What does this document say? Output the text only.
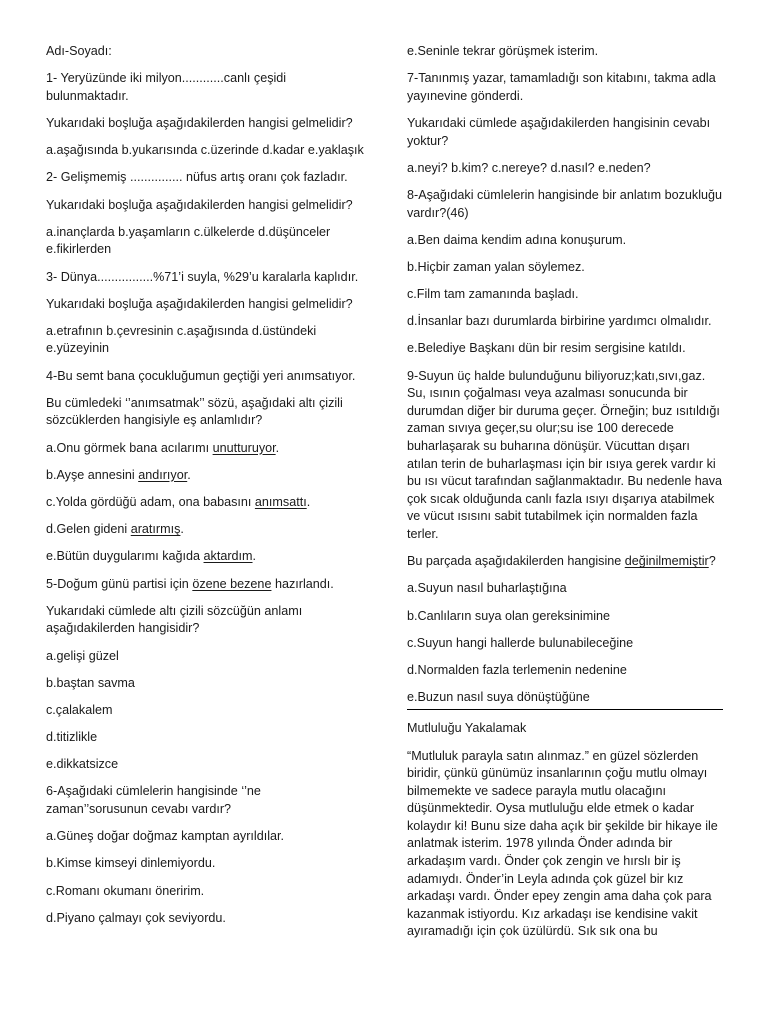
Adı-Soyadı:

1- Yeryüzünde iki milyon............canlı çeşidi bulunmaktadır.

Yukarıdaki boşluğa aşağıdakilerden hangisi gelmelidir?

a.aşağısında b.yukarısında c.üzerinde d.kadar e.yaklaşık

2- Gelişmemiş ............... nüfus artış oranı çok fazladır.

Yukarıdaki boşluğa aşağıdakilerden hangisi gelmelidir?

a.inançlarda b.yaşamların c.ülkelerde d.düşünceler e.fikirlerden

3- Dünya................%71’i suyla, %29’u karalarla kaplıdır.

Yukarıdaki boşluğa aşağıdakilerden hangisi gelmelidir?

a.etrafının b.çevresinin c.aşağısında d.üstündeki e.yüzeyinin

4-Bu semt bana çocukluğumun geçtiği yeri anımsatıyor.

Bu cümledeki ‘’anımsatmak’’ sözü, aşağıdaki altı çizili sözcüklerden hangisiyle eş anlamlıdır?

a.Onu görmek bana acılarımı unutturuyor.

b.Ayşe annesini andırıyor.

c.Yolda gördüğü adam, ona babasını anımsattı.

d.Gelen gideni aratırmış.

e.Bütün duygularımı kağıda aktardım.

5-Doğum günü partisi için özene bezene hazırlandı.

Yukarıdaki cümlede altı çizili sözcüğün anlamı aşağıdakilerden hangisidir?

a.gelişi güzel

b.baştan savma

c.çalakalem

d.titizlikle

e.dikkatsizce

6-Aşağıdaki cümlelerin hangisinde ‘’ne zaman’’sorusunun cevabı vardır?

a.Güneş doğar doğmaz kamptan ayrıldılar.

b.Kimse kimseyi dinlemiyordu.

c.Romanı okumanı öneririm.

d.Piyano çalmayı çok seviyordu.

e.Seninle tekrar görüşmek isterim.

7-Tanınmış yazar, tamamladığı son kitabını, takma adla yayınevine gönderdi.

Yukarıdaki cümlede aşağıdakilerden hangisinin cevabı yoktur?

a.neyi? b.kim? c.nereye? d.nasıl? e.neden?

8-Aşağıdaki cümlelerin hangisinde bir anlatım bozukluğu vardır?(46)

a.Ben daima kendim adına konuşurum.

b.Hiçbir zaman yalan söylemez.

c.Film tam zamanında başladı.

d.İnsanlar bazı durumlarda birbirine yardımcı olmalıdır.

e.Belediye Başkanı dün bir resim sergisine katıldı.

9-Suyun üç halde bulunduğunu biliyoruz;katı,sıvı,gaz. Su, ısının çoğalması veya azalması sonucunda bir durumdan diğer bir duruma geçer. Örneğin; buz ısıtıldığı zaman sıvıya geçer,su olur;su ise 100 derecede buharlaşarak su buharına dönüşür. Vücuttan dışarı atılan terin de buharlaşması için bir ısıya gerek vardır ki bu ısı vücut tarafından sağlanmaktadır. Bu nedenle hava çok sıcak olduğunda canlı fazla ısıyı dışarıya atabilmek ve vücut ısısını sabit tutabilmek için normalden fazla terler.

Bu parçada aşağıdakilerden hangisine değinilmemiştir?

a.Suyun nasıl buharlaştığına

b.Canlıların suya olan gereksinimine

c.Suyun hangi hallerde bulunabileceğine

d.Normalden fazla terlemenin nedenine

e.Buzun nasıl suya dönüştüğüne

Mutluluğu Yakalamak

“Mutluluk parayla satın alınmaz.” en güzel sözlerden biridir, çünkü günümüz insanlarının çoğu mutlu olmayı bilmemekte ve sadece parayla mutlu olacağını düşünmektedir. Oysa mutluluğu elde etmek o kadar kolaydır ki! Bunu size daha açık bir şekilde bir hikaye ile anlatmak isterim. 1978 yılında Önder adında bir arkadaşım vardı. Önder çok zengin ve hırslı bir iş adamıydı. Önder’in Leyla adında çok güzel bir kız arkadaşı vardı. Önder epey zengin ama daha çok para kazanmak istiyordu. Kız arkadaşı ise kendisine vakit ayıramadığı için çok üzülürdü. Sık sık ona bu
